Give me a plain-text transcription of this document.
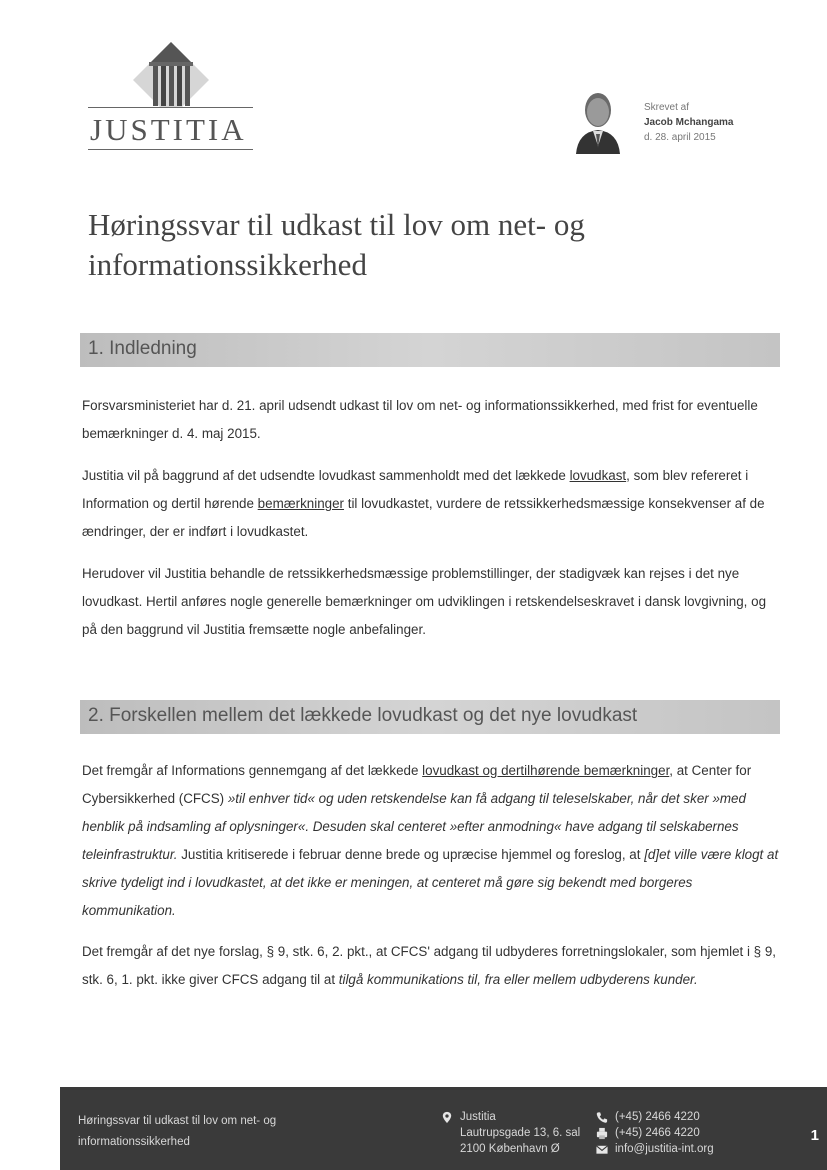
JUSTITIA
Skrevet af
Jacob Mchangama
d. 28. april 2015
Høringssvar til udkast til lov om net- og informationssikkerhed
1. Indledning

Forsvarsministeriet har d. 21. april udsendt udkast til lov om net- og informationssikkerhed, med frist for eventuelle bemærkninger d. 4. maj 2015.

Justitia vil på baggrund af det udsendte lovudkast sammenholdt med det lækkede lovudkast, som blev refereret i Information og dertil hørende bemærkninger til lovudkastet, vurdere de retssikkerhedsmæssige konsekvenser af de ændringer, der er indført i lovudkastet.

Herudover vil Justitia behandle de retssikkerhedsmæssige problemstillinger, der stadigvæk kan rejses i det nye lovudkast. Hertil anføres nogle generelle bemærkninger om udviklingen i retskendelseskravet i dansk lovgivning, og på den baggrund vil Justitia fremsætte nogle anbefalinger.

2. Forskellen mellem det lækkede lovudkast og det nye lovudkast

Det fremgår af Informations gennemgang af det lækkede lovudkast og dertilhørende bemærkninger, at Center for Cybersikkerhed (CFCS) »til enhver tid« og uden retskendelse kan få adgang til teleselskaber, når det sker »med henblik på indsamling af oplysninger«. Desuden skal centeret »efter anmodning« have adgang til selskabernes teleinfrastruktur. Justitia kritiserede i februar denne brede og upræcise hjemmel og foreslog, at [d]et ville være klogt at skrive tydeligt ind i lovudkastet, at det ikke er meningen, at centeret må gøre sig bekendt med borgeres kommunikation.

Det fremgår af det nye forslag, § 9, stk. 6, 2. pkt., at CFCS' adgang til udbyderes forretningslokaler, som hjemlet i § 9, stk. 6, 1. pkt. ikke giver CFCS adgang til at tilgå kommunikations til, fra eller mellem udbyderens kunder.

Høringssvar til udkast til lov om net- og informationssikkerhed
Justitia
Lautrupsgade 13, 6. sal
2100 København Ø
(+45) 2466 4220
(+45) 2466 4220
info@justitia-int.org
1
